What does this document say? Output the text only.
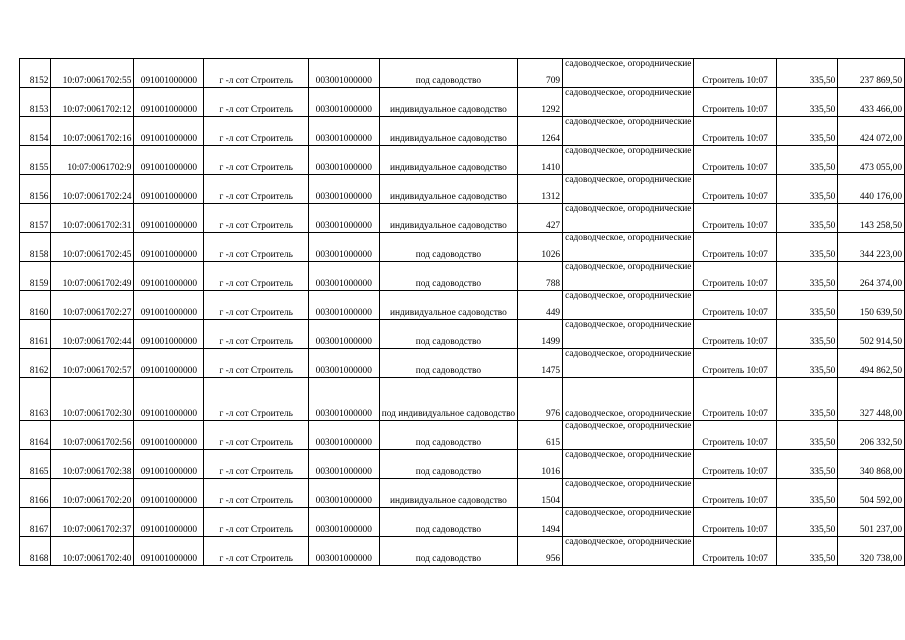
8152	10:07:0061702:55	091001000000	г -л сот Строитель	003001000000	под садоводство	709	садоводческое, огороднические	Строитель 10:07	335,50	237 869,50
8153	10:07:0061702:12	091001000000	г -л сот Строитель	003001000000	индивидуальное садоводство	1292	садоводческое, огороднические	Строитель 10:07	335,50	433 466,00
8154	10:07:0061702:16	091001000000	г -л сот Строитель	003001000000	индивидуальное садоводство	1264	садоводческое, огороднические	Строитель 10:07	335,50	424 072,00
8155	10:07:0061702:9	091001000000	г -л сот Строитель	003001000000	индивидуальное садоводство	1410	садоводческое, огороднические	Строитель 10:07	335,50	473 055,00
8156	10:07:0061702:24	091001000000	г -л сот Строитель	003001000000	индивидуальное садоводство	1312	садоводческое, огороднические	Строитель 10:07	335,50	440 176,00
8157	10:07:0061702:31	091001000000	г -л сот Строитель	003001000000	индивидуальное садоводство	427	садоводческое, огороднические	Строитель 10:07	335,50	143 258,50
8158	10:07:0061702:45	091001000000	г -л сот Строитель	003001000000	под садоводство	1026	садоводческое, огороднические	Строитель 10:07	335,50	344 223,00
8159	10:07:0061702:49	091001000000	г -л сот Строитель	003001000000	под садоводство	788	садоводческое, огороднические	Строитель 10:07	335,50	264 374,00
8160	10:07:0061702:27	091001000000	г -л сот Строитель	003001000000	индивидуальное садоводство	449	садоводческое, огороднические	Строитель 10:07	335,50	150 639,50
8161	10:07:0061702:44	091001000000	г -л сот Строитель	003001000000	под садоводство	1499	садоводческое, огороднические	Строитель 10:07	335,50	502 914,50
8162	10:07:0061702:57	091001000000	г -л сот Строитель	003001000000	под садоводство	1475	садоводческое, огороднические	Строитель 10:07	335,50	494 862,50
8163	10:07:0061702:30	091001000000	г -л сот Строитель	003001000000	под индивидуальное садоводство	976	садоводческое, огороднические	Строитель 10:07	335,50	327 448,00
8164	10:07:0061702:56	091001000000	г -л сот Строитель	003001000000	под садоводство	615	садоводческое, огороднические	Строитель 10:07	335,50	206 332,50
8165	10:07:0061702:38	091001000000	г -л сот Строитель	003001000000	под садоводство	1016	садоводческое, огороднические	Строитель 10:07	335,50	340 868,00
8166	10:07:0061702:20	091001000000	г -л сот Строитель	003001000000	индивидуальное садоводство	1504	садоводческое, огороднические	Строитель 10:07	335,50	504 592,00
8167	10:07:0061702:37	091001000000	г -л сот Строитель	003001000000	под садоводство	1494	садоводческое, огороднические	Строитель 10:07	335,50	501 237,00
8168	10:07:0061702:40	091001000000	г -л сот Строитель	003001000000	под садоводство	956	садоводческое, огороднические	Строитель 10:07	335,50	320 738,00
